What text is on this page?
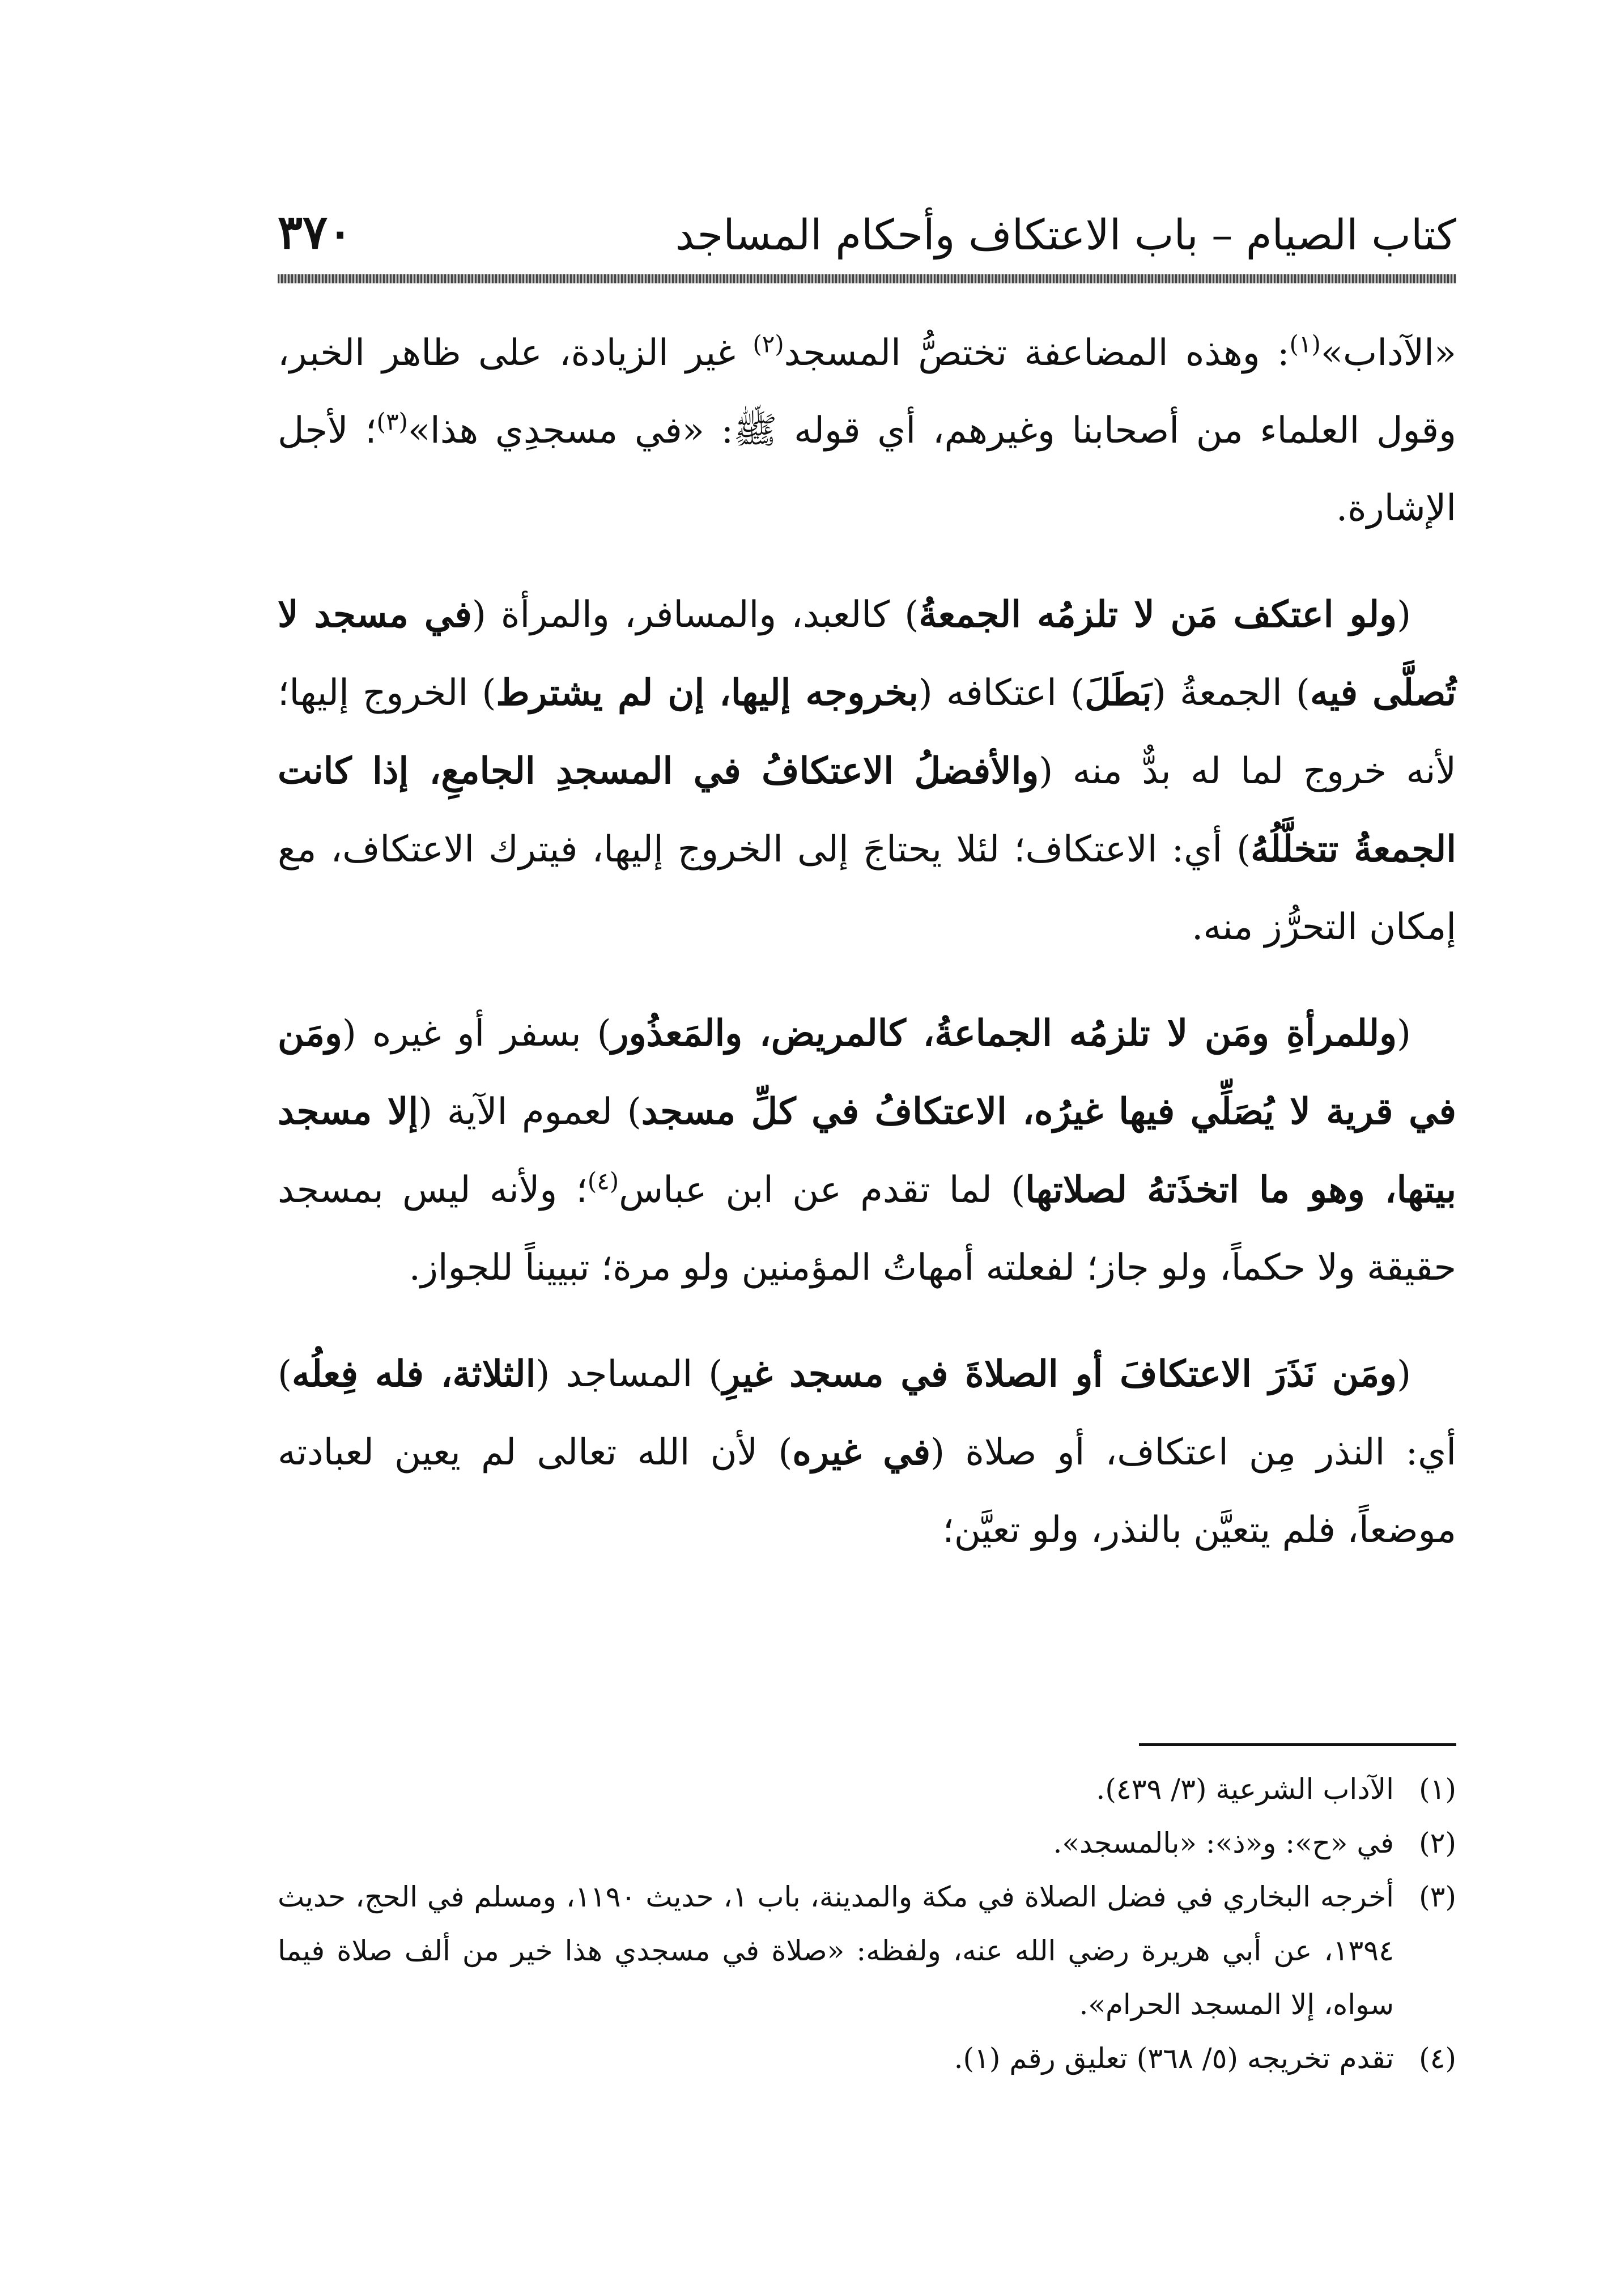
٣٧٠	كتاب الصيام – باب الاعتكاف وأحكام المساجد

«الآداب»$^{(١)}$: وهذه المضاعفة تختصُّ المسجد$^{(٢)}$ غير الزيادة، على ظاهر الخبر، وقول العلماء من أصحابنا وغيرهم، أي قوله ﷺ: «في مسجدِي هذا»$^{(٣)}$؛ لأجل الإشارة.

(ولو اعتكف مَن لا تلزمُه الجمعةُ) كالعبد، والمسافر، والمرأة (في مسجد لا تُصلَّى فيه) الجمعةُ (بَطَلَ) اعتكافه (بخروجه إليها، إن لم يشترط) الخروج إليها؛ لأنه خروج لما له بدٌّ منه (والأفضلُ الاعتكافُ في المسجدِ الجامعِ، إذا كانت الجمعةُ تتخلَّلُهُ) أي: الاعتكاف؛ لئلا يحتاجَ إلى الخروج إليها، فيترك الاعتكاف، مع إمكان التحرُّز منه.

(وللمرأةِ ومَن لا تلزمُه الجماعةُ، كالمريض، والمَعذُور) بسفر أو غيره (ومَن في قرية لا يُصَلِّي فيها غيرُه، الاعتكافُ في كلِّ مسجد) لعموم الآية (إلا مسجد بيتها، وهو ما اتخذَتهُ لصلاتها) لما تقدم عن ابن عباس$^{(٤)}$؛ ولأنه ليس بمسجد حقيقة ولا حكماً، ولو جاز؛ لفعلته أمهاتُ المؤمنين ولو مرة؛ تبييناً للجواز.

(ومَن نَذَرَ الاعتكافَ أو الصلاةَ في مسجد غيرِ) المساجد (الثلاثة، فله فِعلُه) أي: النذر مِن اعتكاف، أو صلاة (في غيره) لأن الله تعالى لم يعين لعبادته موضعاً، فلم يتعيَّن بالنذر، ولو تعيَّن؛

(١)
الآداب الشرعية (٣/ ٤٣٩).

(٢)
في «ح»: و«ذ»: «بالمسجد».

(٣)
أخرجه البخاري في فضل الصلاة في مكة والمدينة، باب ١، حديث ١١٩٠، ومسلم في الحج، حديث ١٣٩٤، عن أبي هريرة رضي الله عنه، ولفظه: «صلاة في مسجدي هذا خير من ألف صلاة فيما سواه، إلا المسجد الحرام».

(٤)
تقدم تخريجه (٥/ ٣٦٨) تعليق رقم (١).
